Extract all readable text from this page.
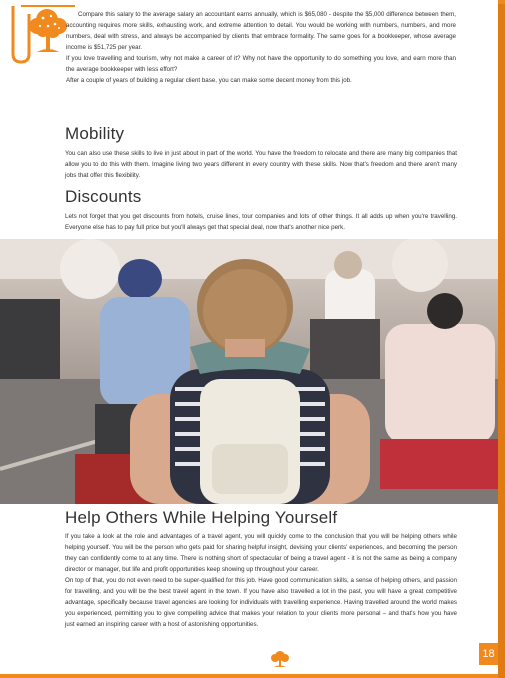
Compare this salary to the average salary an accountant earns annually, which is $65,080 - despite the $5,000 difference between them, accounting requires more skills, exhausting work, and extreme attention to detail. You would be working with numbers, numbers, and more numbers, deal with stress, and always be accompanied by clients that embrace formality. The same goes for a bookkeeper, whose average income is $51,725 per year.

If you love travelling and tourism, why not make a career of it? Why not have the opportunity to do something you love, and earn more than the average bookkeeper with less effort?

After a couple of years of building a regular client base, you can make some decent money from this job.

Mobility
You can also use these skills to live in just about in part of the world. You have the freedom to relocate and there are many big companies that allow you to do this with them. Imagine living two years different in every country with these skills. Now that's freedom and there aren't many jobs that offer this flexibility.
Discounts
Lets not forget that you get discounts from hotels, cruise lines, tour companies and lots of other things. It all adds up when you're travelling. Everyone else has to pay full price but you'll always get that special deal, now that's another nice perk.
Help Others While Helping Yourself

If you take a look at the role and advantages of a travel agent, you will quickly come to the conclusion that you will be helping others while helping yourself. You will be the person who gets paid for sharing helpful insight, devising your clients' experiences, and becoming the person they can confidently come to at any time. There is nothing short of spectacular of being a travel agent - it is not the same as being a company director or manager, but life and profit opportunities keep showing up throughout your career.

On top of that, you do not even need to be super-qualified for this job. Have good communication skills, a sense of helping others, and passion for travelling, and you will be the best travel agent in the town. If you have also travelled a lot in the past, you will have a great competitive advantage, specifically because travel agencies are looking for individuals with travelling experience. Having travelled around the world makes you experienced, permitting you to give compelling advice that makes your relation to your clients more personal – and that's how you have just earned an inspiring career with a host of astonishing opportunities.

18
